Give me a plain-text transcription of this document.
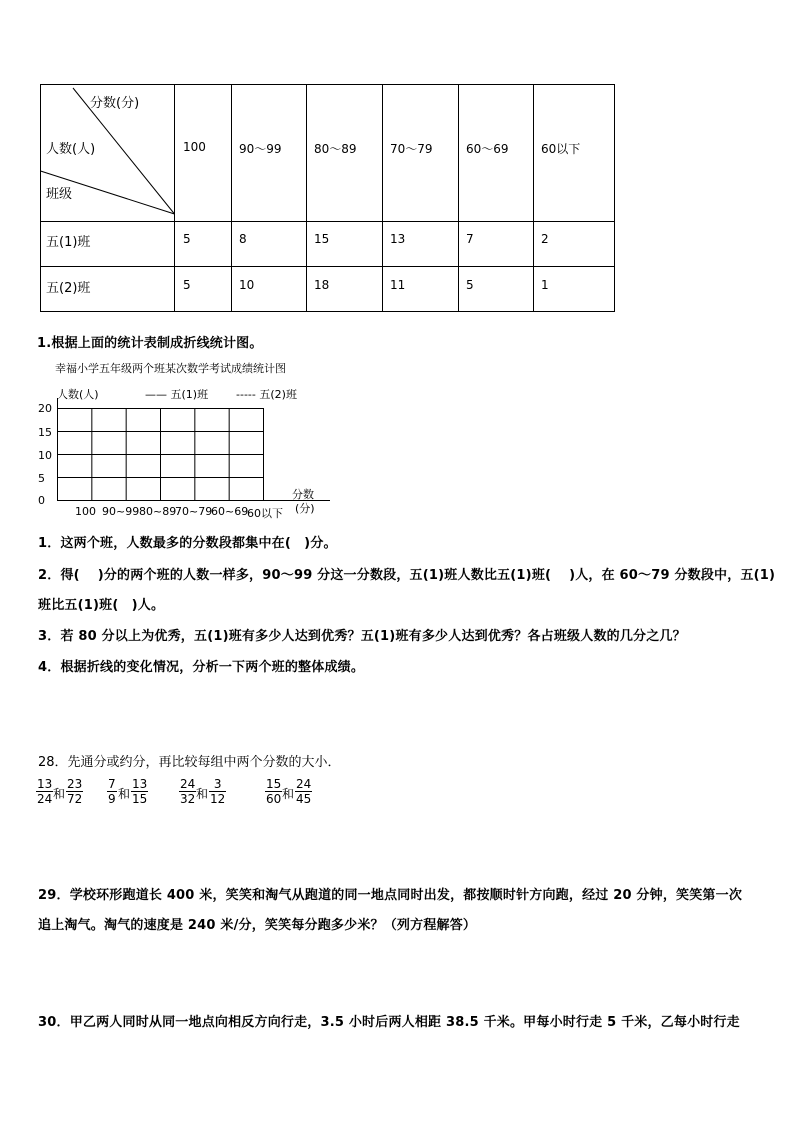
分数(分)
人数(人)
班级
100	90～99	80～89	70～79	60～69	60以下
五(1)班	5	8	15	13	7	2
五(2)班	5	10	18	11	5	1
1.根据上面的统计表制成折线统计图。
幸福小学五年级两个班某次数学考试成绩统计图
人数(人)	—— 五(1)班	----- 五(2)班
20
15
10
5
0
100 90~99 80~89
70~79
60~69
60以下
分数
(分)
1．这两个班，人数最多的分数段都集中在(　)分。
2．得(　 )分的两个班的人数一样多，90～99 分这一分数段，五(1)班人数比五(1)班(　 )人，在 60～79 分数段中，五(1)
班比五(1)班(　)人。
3．若 80 分以上为优秀，五(1)班有多少人达到优秀？五(1)班有多少人达到优秀？各占班级人数的几分之几？
4．根据折线的变化情况，分析一下两个班的整体成绩。
28．先通分或约分，再比较每组中两个分数的大小．
$\frac{13}{24}$ 和 $\frac{23}{72} \frac{7}{9}$ 和 $\frac{13}{15}$	$\frac{24}{32}$ 和 $\frac{3}{12}$	$\frac{15}{60}$ 和 $\frac{24}{45}$
29．学校环形跑道长 400 米，笑笑和淘气从跑道的同一地点同时出发，都按顺时针方向跑，经过 20 分钟，笑笑第一次
追上淘气。淘气的速度是 240 米/分，笑笑每分跑多少米？（列方程解答）
30．甲乙两人同时从同一地点向相反方向行走，3.5 小时后两人相距 38.5 千米。甲每小时行走 5 千米，乙每小时行走
